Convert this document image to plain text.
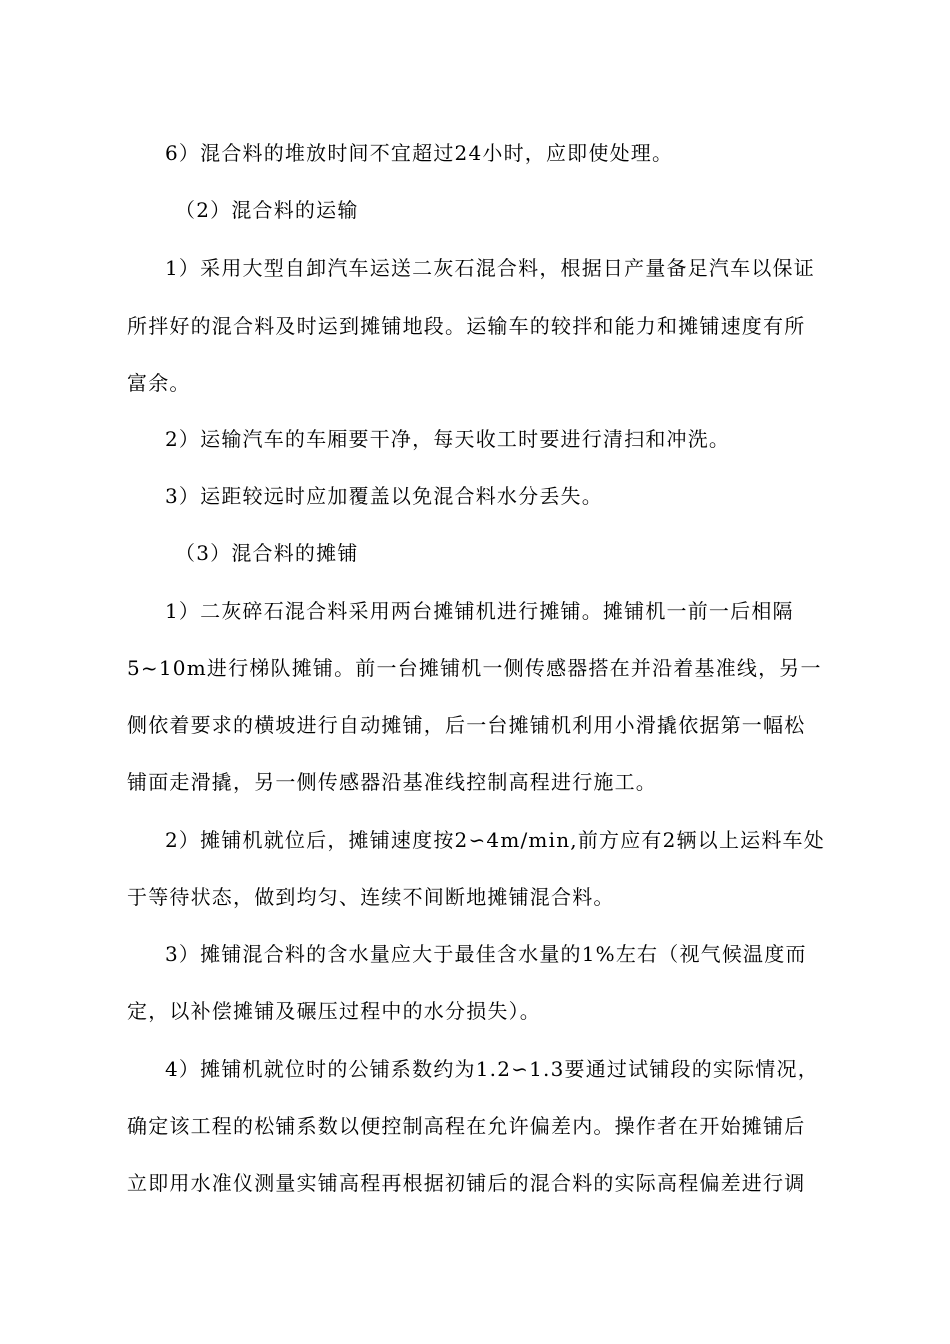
6）混合料的堆放时间不宜超过24小时，应即使处理。
（2）混合料的运输
1）采用大型自卸汽车运送二灰石混合料，根据日产量备足汽车以保证
所拌好的混合料及时运到摊铺地段。运输车的较拌和能力和摊铺速度有所
富余。
2）运输汽车的车厢要干净，每天收工时要进行清扫和冲洗。
3）运距较远时应加覆盖以免混合料水分丢失。
（3）混合料的摊铺
1）二灰碎石混合料采用两台摊铺机进行摊铺。摊铺机一前一后相隔
5~10m进行梯队摊铺。前一台摊铺机一侧传感器搭在并沿着基准线，另一
侧依着要求的横坡进行自动摊铺，后一台摊铺机利用小滑撬依据第一幅松
铺面走滑撬，另一侧传感器沿基准线控制高程进行施工。
2）摊铺机就位后，摊铺速度按2∽4m/min,前方应有2辆以上运料车处
于等待状态，做到均匀、连续不间断地摊铺混合料。
3）摊铺混合料的含水量应大于最佳含水量的1%左右（视气候温度而
定，以补偿摊铺及碾压过程中的水分损失）。
4）摊铺机就位时的公铺系数约为1.2∽1.3要通过试铺段的实际情况，
确定该工程的松铺系数以便控制高程在允许偏差内。操作者在开始摊铺后
立即用水准仪测量实铺高程再根据初铺后的混合料的实际高程偏差进行调
